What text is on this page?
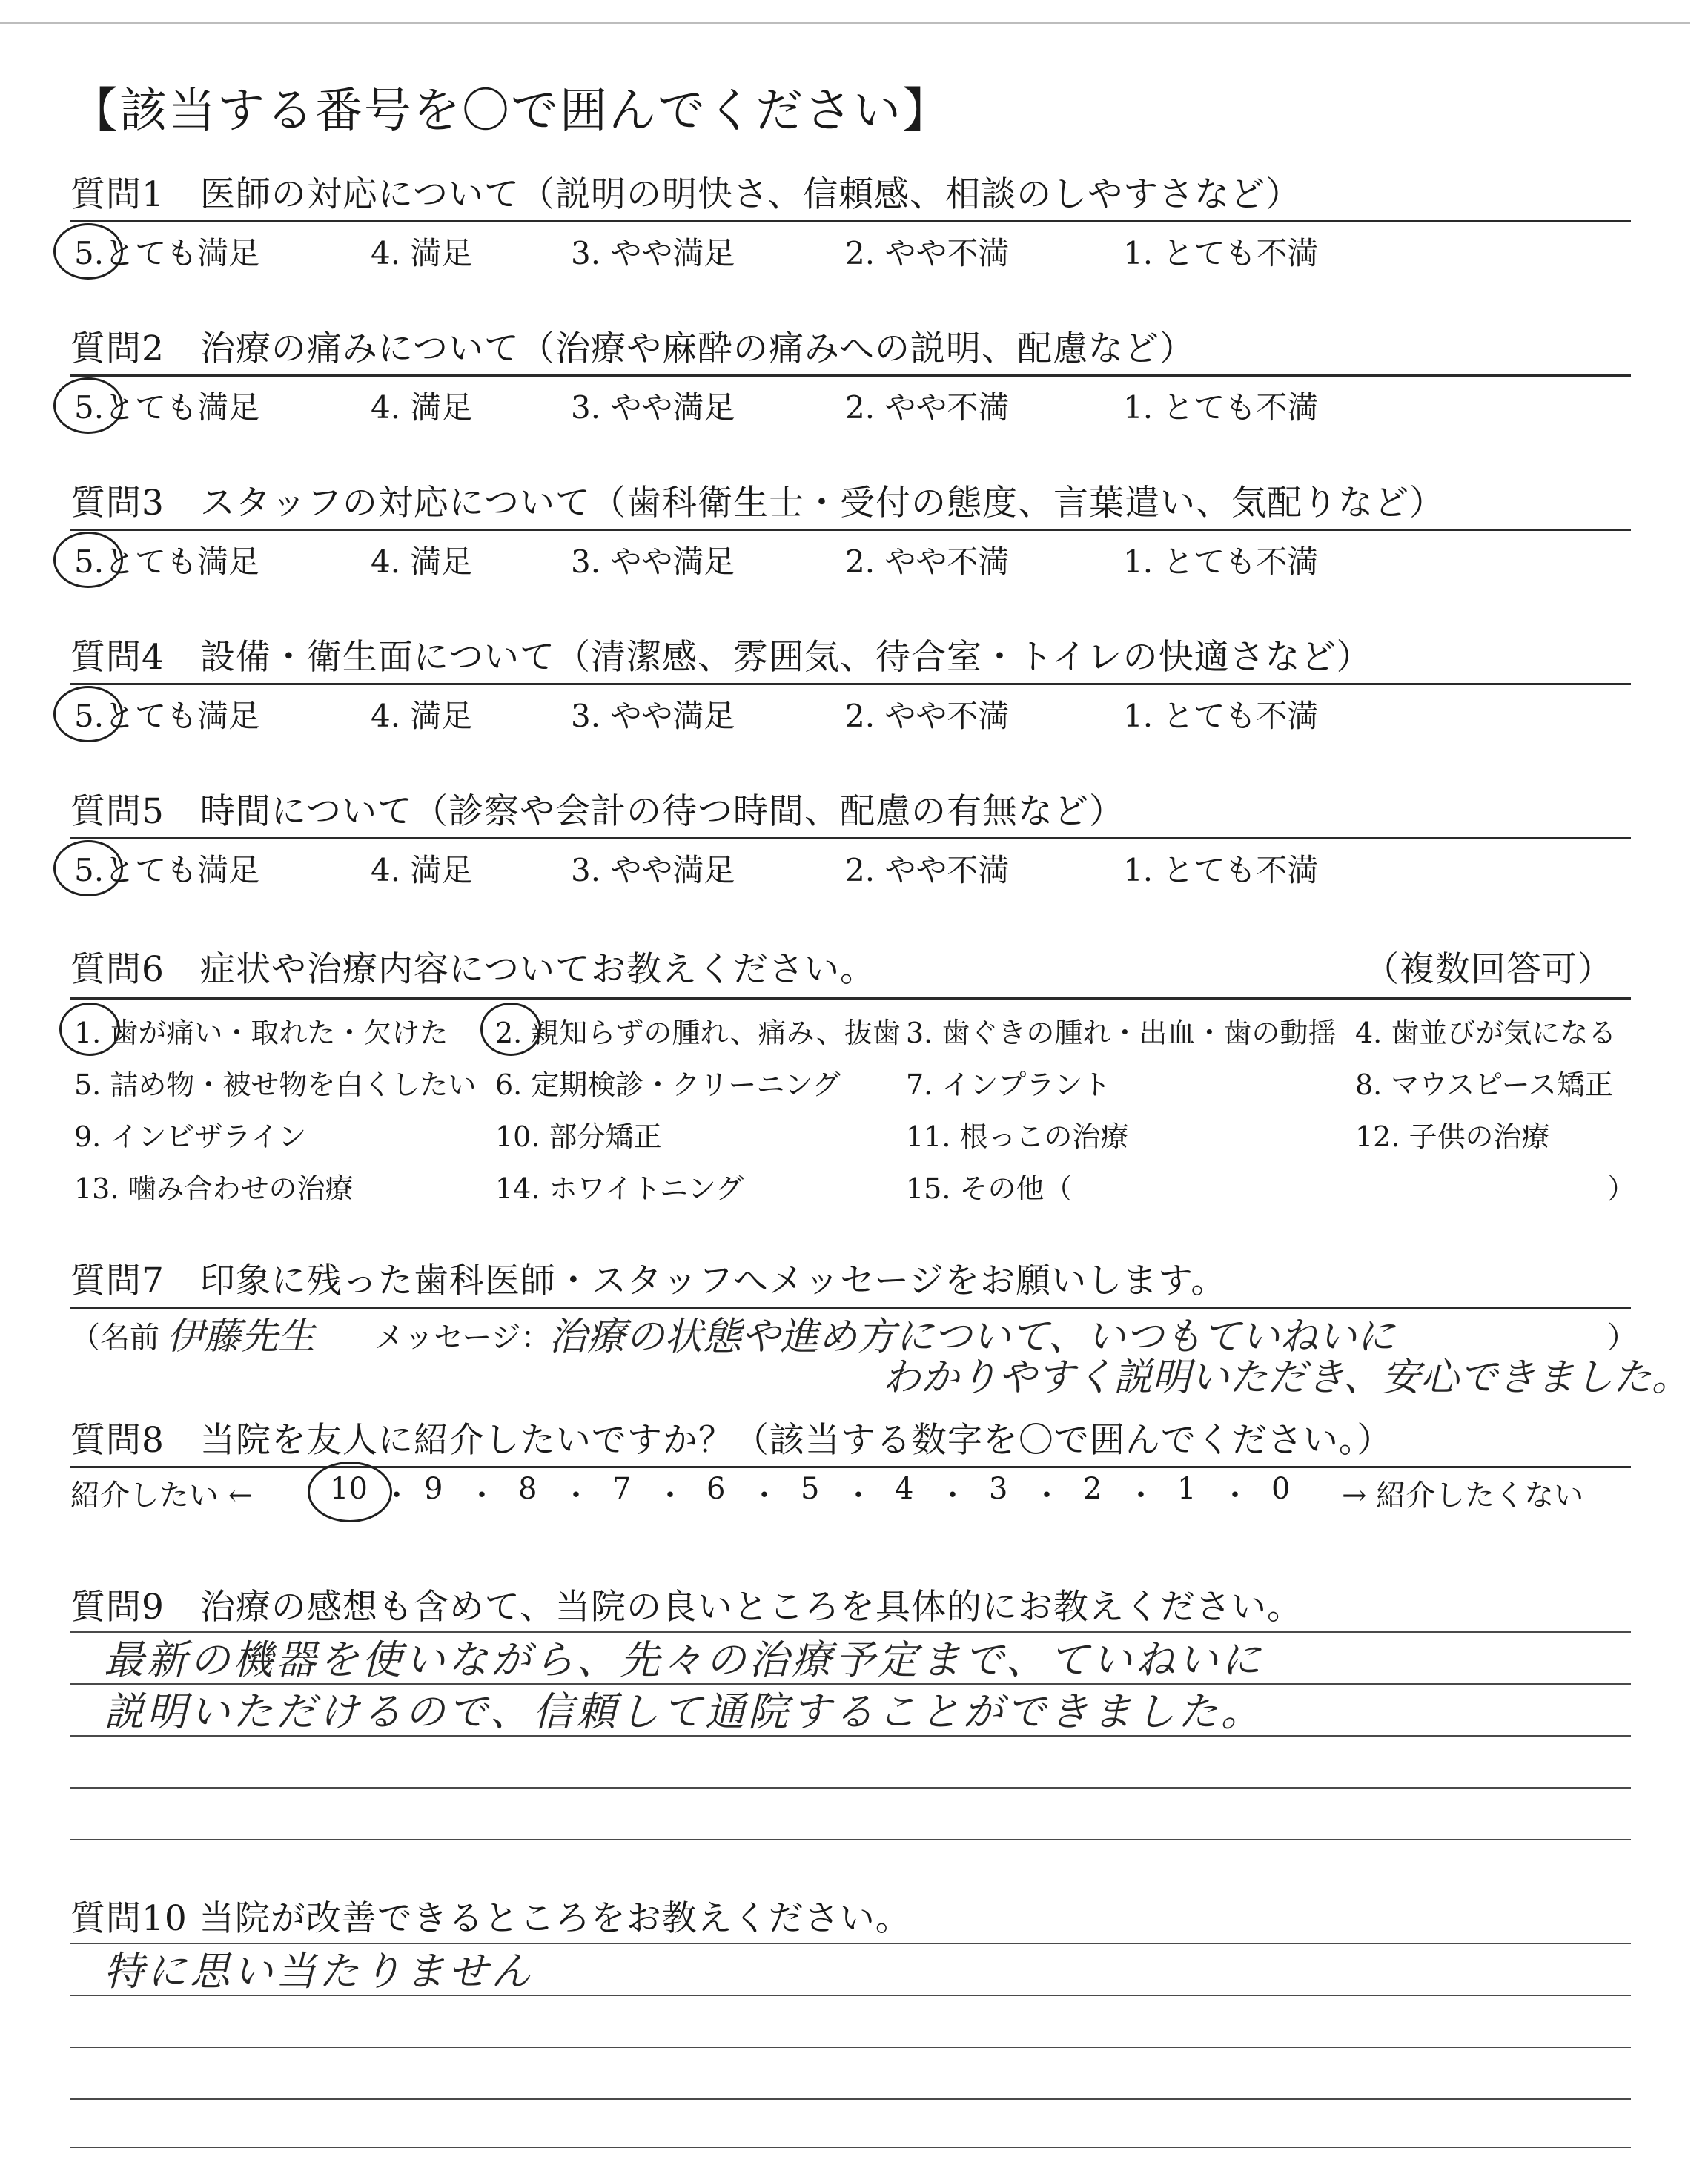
【該当する番号を〇で囲んでください】
質問1　医師の対応について（説明の明快さ、信頼感、相談のしやすさなど）
5.とても満足	4. 満足	3. やや満足	2. やや不満	1. とても不満
質問2　治療の痛みについて（治療や麻酔の痛みへの説明、配慮など）
5.とても満足	4. 満足	3. やや満足	2. やや不満	1. とても不満
質問3　スタッフの対応について（歯科衛生士・受付の態度、言葉遣い、気配りなど）
5.とても満足	4. 満足	3. やや満足	2. やや不満	1. とても不満
質問4　設備・衛生面について（清潔感、雰囲気、待合室・トイレの快適さなど）
5.とても満足	4. 満足	3. やや満足	2. やや不満	1. とても不満
質問5　時間について（診察や会計の待つ時間、配慮の有無など）
5.とても満足	4. 満足	3. やや満足	2. やや不満	1. とても不満
質問6　症状や治療内容についてお教えください。	（複数回答可）
1. 歯が痛い・取れた・欠けた 2. 親知らずの腫れ、痛み、抜歯 3. 歯ぐきの腫れ・出血・歯の動揺 4. 歯並びが気になる
5. 詰め物・被せ物を白くしたい 6. 定期検診・クリーニング 7. インプラント	8. マウスピース矯正
9. インビザライン	10. 部分矯正	11. 根っこの治療	12. 子供の治療
13. 噛み合わせの治療	14. ホワイトニング	15. その他（	）
質問7　印象に残った歯科医師・スタッフへメッセージをお願いします。
（名前 伊藤先生 メッセージ：
治療の状態や進め方について、いつもていねいに	）
わかりやすく説明いただき、安心できました。
質問8　当院を友人に紹介したいですか？（該当する数字を〇で囲んでください。）
紹介したい ←	→ 紹介したくない
10 ・ 9 ・ 8 ・ 7 ・ 6 ・ 5 ・ 4 ・ 3 ・ 2 ・ 1 ・ 0
質問9　治療の感想も含めて、当院の良いところを具体的にお教えください。
最新の機器を使いながら、先々の治療予定まで、ていねいに
説明いただけるので、信頼して通院することができました。
質問10 当院が改善できるところをお教えください。
特に思い当たりません
